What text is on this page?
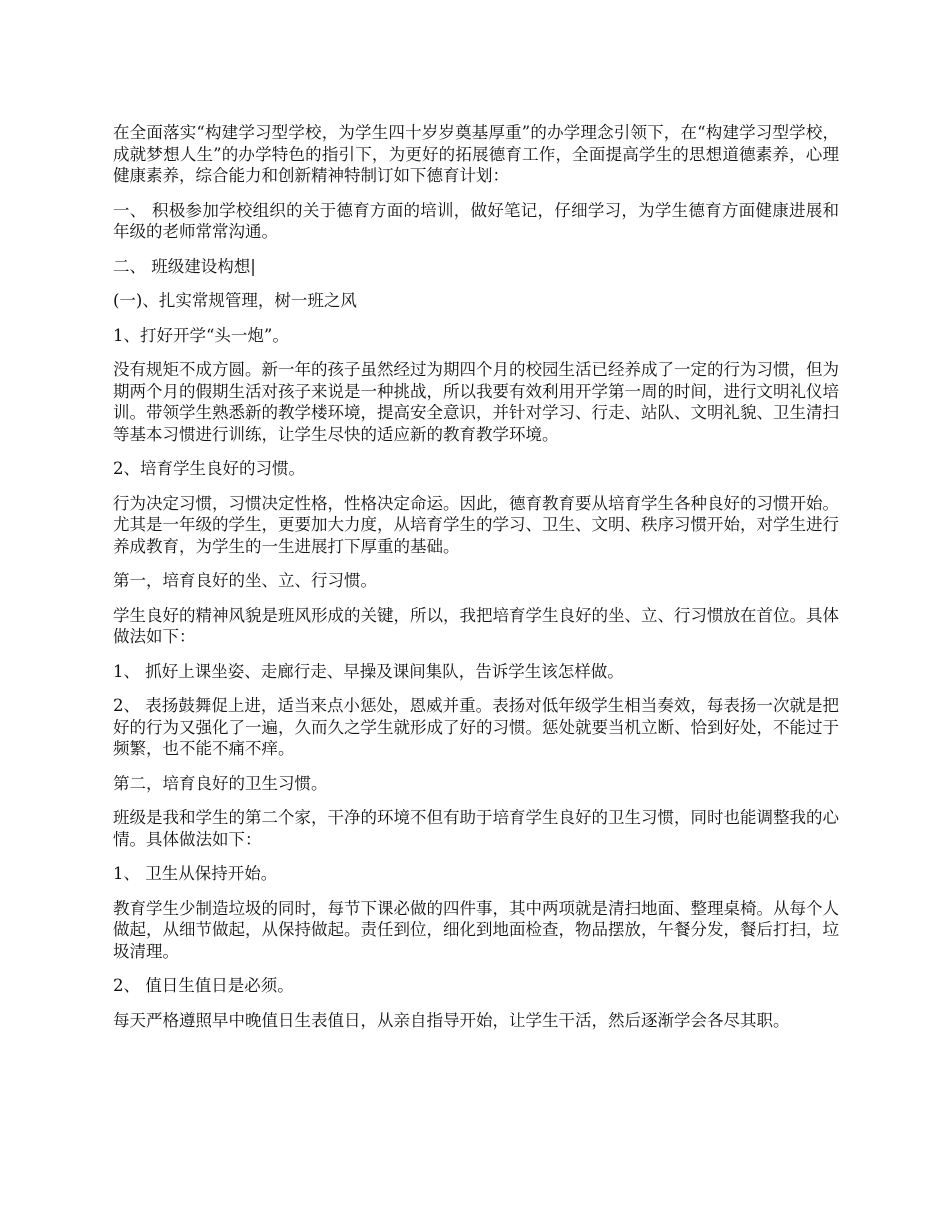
在全面落实“构建学习型学校，为学生四十岁岁奠基厚重”的办学理念引领下，在“构建学习型学校，成就梦想人生”的办学特色的指引下，为更好的拓展德育工作，全面提高学生的思想道德素养，心理健康素养，综合能力和创新精神特制订如下德育计划：

一、 积极参加学校组织的关于德育方面的培训，做好笔记，仔细学习，为学生德育方面健康进展和年级的老师常常沟通。

二、 班级建设构想|

(一)、扎实常规管理，树一班之风

1、打好开学“头一炮”。

没有规矩不成方圆。新一年的孩子虽然经过为期四个月的校园生活已经养成了一定的行为习惯，但为期两个月的假期生活对孩子来说是一种挑战，所以我要有效利用开学第一周的时间，进行文明礼仪培训。带领学生熟悉新的教学楼环境，提高安全意识，并针对学习、行走、站队、文明礼貌、卫生清扫等基本习惯进行训练，让学生尽快的适应新的教育教学环境。

2、培育学生良好的习惯。

行为决定习惯，习惯决定性格，性格决定命运。因此，德育教育要从培育学生各种良好的习惯开始。尤其是一年级的学生，更要加大力度，从培育学生的学习、卫生、文明、秩序习惯开始，对学生进行养成教育，为学生的一生进展打下厚重的基础。

第一，培育良好的坐、立、行习惯。

学生良好的精神风貌是班风形成的关键，所以，我把培育学生良好的坐、立、行习惯放在首位。具体做法如下：

1、 抓好上课坐姿、走廊行走、早操及课间集队，告诉学生该怎样做。

2、 表扬鼓舞促上进，适当来点小惩处，恩威并重。表扬对低年级学生相当奏效，每表扬一次就是把好的行为又强化了一遍，久而久之学生就形成了好的习惯。惩处就要当机立断、恰到好处，不能过于频繁，也不能不痛不痒。

第二，培育良好的卫生习惯。

班级是我和学生的第二个家，干净的环境不但有助于培育学生良好的卫生习惯，同时也能调整我的心情。具体做法如下：

1、 卫生从保持开始。

教育学生少制造垃圾的同时，每节下课必做的四件事，其中两项就是清扫地面、整理桌椅。从每个人做起，从细节做起，从保持做起。责任到位，细化到地面检查，物品摆放，午餐分发，餐后打扫，垃圾清理。

2、 值日生值日是必须。

每天严格遵照早中晚值日生表值日，从亲自指导开始，让学生干活，然后逐渐学会各尽其职。
